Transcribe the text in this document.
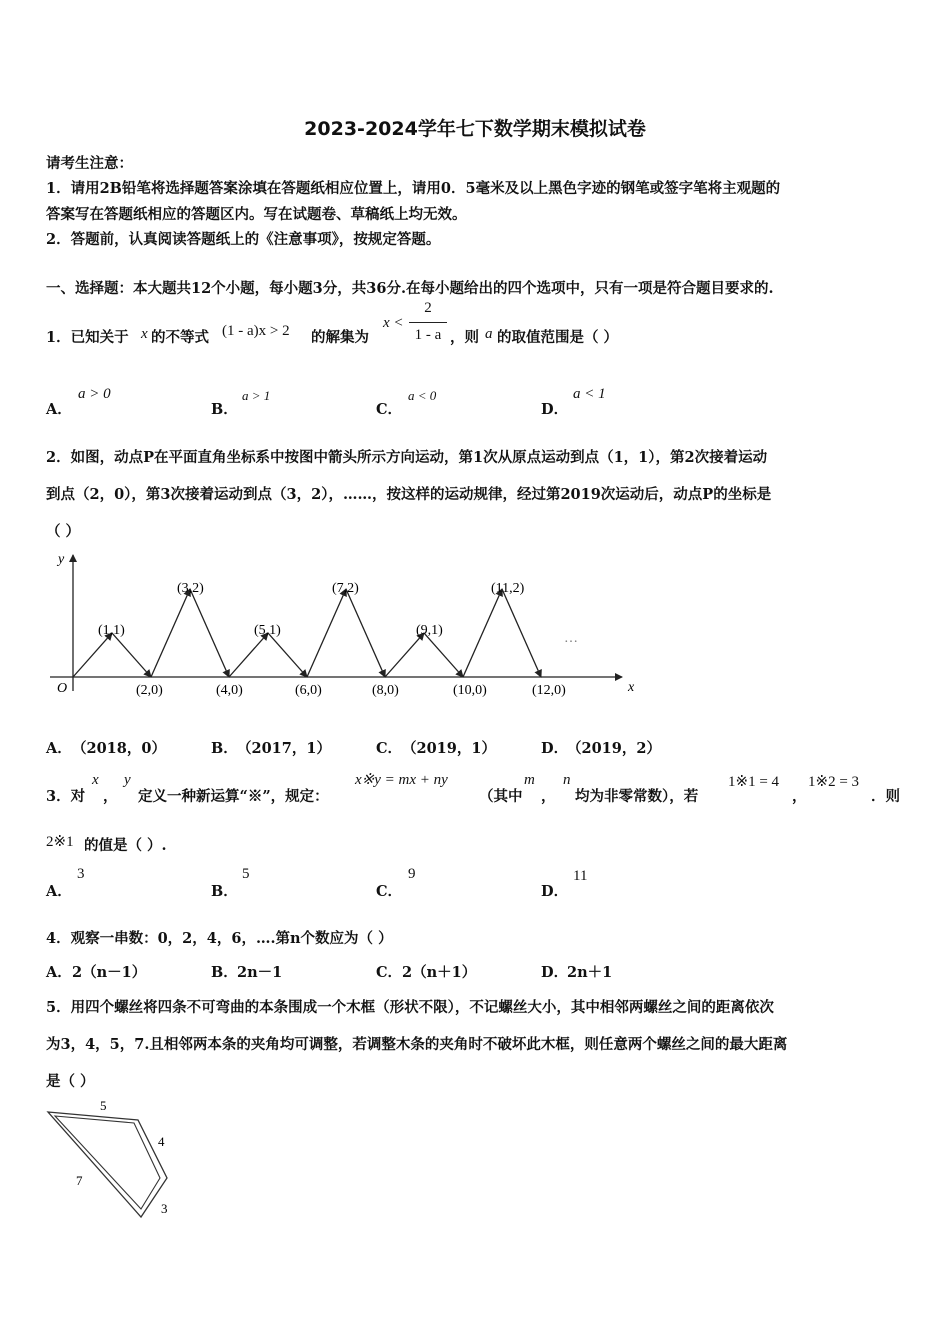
2023-2024学年七下数学期末模拟试卷
请考生注意：
1．请用2B铅笔将选择题答案涂填在答题纸相应位置上，请用0．5毫米及以上黑色字迹的钢笔或签字笔将主观题的
答案写在答题纸相应的答题区内。写在试题卷、草稿纸上均无效。
2．答题前，认真阅读答题纸上的《注意事项》，按规定答题。
一、选择题：本大题共12个小题，每小题3分，共36分.在每小题给出的四个选项中，只有一项是符合题目要求的.
1．已知关于 x 的不等式 (1 - a)x > 2 的解集为
x <
2
1 - a ，则 a 的取值范围是（ ）
A．
a > 0
B．
a > 1
C．
a < 0
D．
a < 1
2．如图，动点P在平面直角坐标系中按图中箭头所示方向运动，第1次从原点运动到点（1，1），第2次接着运动
到点（2，0），第3次接着运动到点（3，2），……，按这样的运动规律，经过第2019次运动后，动点P的坐标是
（ ）
x
y
O
…
(1,1)
(3,2)
(5,1)
(7,2)
(9,1)
(11,2)
(2,0)	(4,0)	(6,0)	(8,0)	(10,0)	(12,0)
A． （2018，0）	B． （2017，1）	C． （2019，1）	D．
（2019，2）
3．对
x
，
y
定义一种新运算“※”，规定：
x※y = mx + ny
（其中
m
，
n
均为非零常数），若
1※1 = 4
，
1※2 = 3
．则
2※1 的值是（ ）.
A．
3
B．
5
C．
9
D．
11
4．观察一串数：0，2，4，6，….第n个数应为（ ）
A． 2（n－1）	B． 2n－1	C． 2（n＋1）	D．
2n＋1
5．用四个螺丝将四条不可弯曲的本条围成一个木框（形状不限），不记螺丝大小，其中相邻两螺丝之间的距离依次
为3，4，5，7.且相邻两本条的夹角均可调整，若调整木条的夹角时不破坏此木框，则任意两个螺丝之间的最大距离
是（ ）
5
4
3
7
